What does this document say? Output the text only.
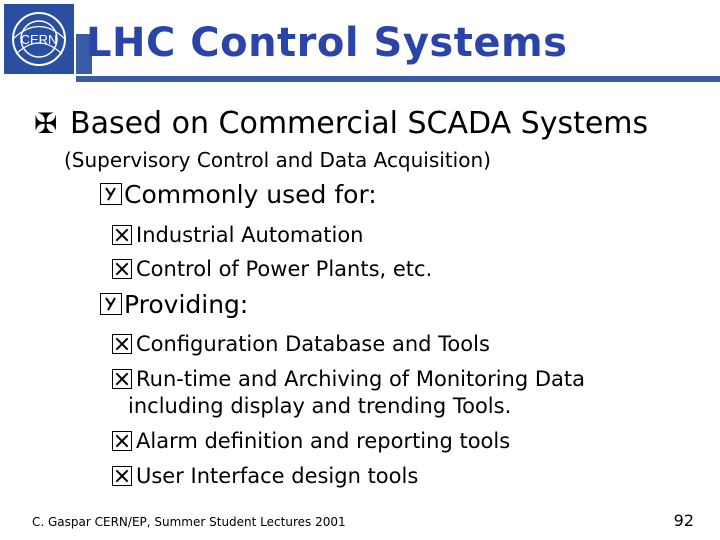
CERN LHC Control Systems
✠ Based on Commercial SCADA Systems
(Supervisory Control and Data Acquisition)
Commonly used for:
Industrial Automation
Control of Power Plants, etc.
Providing:
Configuration Database and Tools
Run-time and Archiving of Monitoring Data
including display and trending Tools.
Alarm definition and reporting tools
User Interface design tools
C. Gaspar CERN/EP, Summer Student Lectures 2001	92
